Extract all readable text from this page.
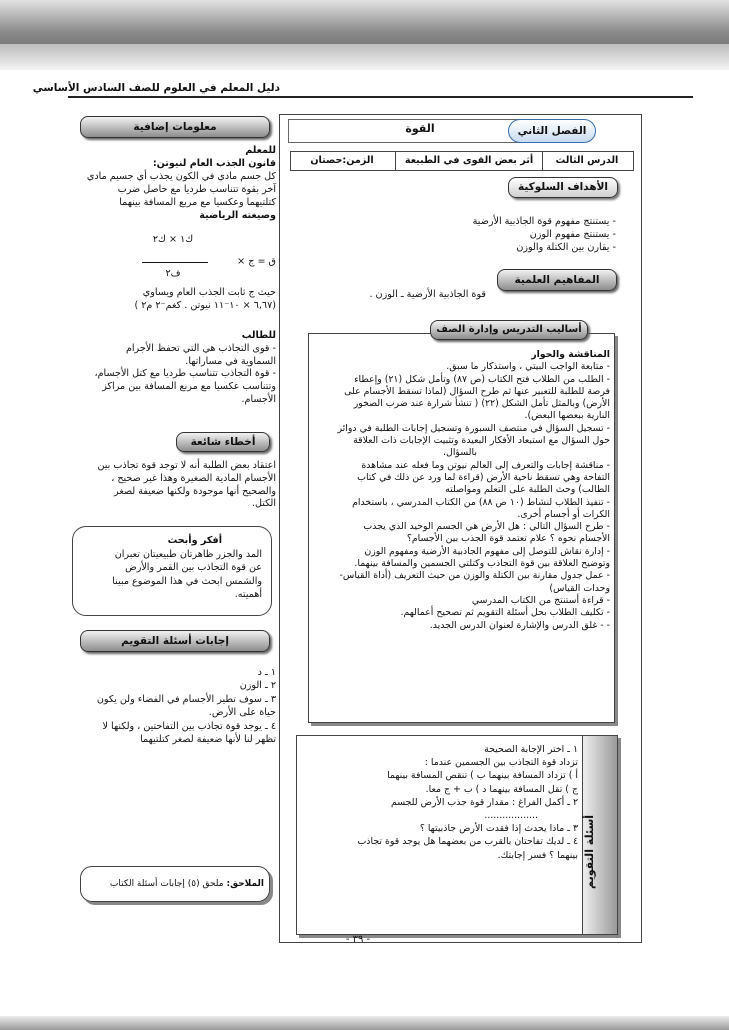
دليل المعلم في العلوم للصف السادس الأساسي
القوة	الفصل الثاني
الدرس الثالث
أثر بعض القوى في الطبيعة
الزمن:حصتان
الأهداف السلوكية

- يستنتج مفهوم قوة الجاذبية الأرضية

- يستنتج مفهوم الوزن

- يقارن بين الكتلة والوزن

المفاهيم العلمية
قوة الجاذبية الأرضية ـ الوزن .
أساليب التدريس وإدارة الصف

المناقشة والحوار

- متابعة الواجب البيتي ، واستذكار ما سبق.

- الطلب من الطلاب فتح الكتاب (ص ٨٧) وتأمل شكل (٢١) وإعطاء

فرصة للطلبة للتعبير عنها ثم طرح السؤال (لماذا تسقط الأجسام على

الأرض) وبالمثل تأمل الشكل (٢٢) ( تنشأ شرارة عند ضرب الصخور

النارية ببعضها البعض).

- تسجيل السؤال في منتصف السبورة وتسجيل إجابات الطلبة في دوائر

حول السؤال مع استبعاد الأفكار البعيدة وتثبيت الإجابات ذات العلاقة

بالسؤال.

- مناقشة إجابات والتعرف إلى العالم نيوتن وما فعله عند مشاهدة

التفاحة وهي تسقط ناحية الأرض (قراءة لما ورد عن ذلك في كتاب

الطالب) وحث الطلبة على التعلم ومواصلته

- تنفيذ الطلاب لنشاط (١٠ ص ٨٨) من الكتاب المدرسي ، باستخدام

الكرات أو أجسام أخرى.

- طرح السؤال التالي : هل الأرض هي الجسم الوحيد الذي يجذب

الأجسام نحوه ؟ علام تعتمد قوة الجذب بين الأجسام؟

- إدارة نقاش للتوصل إلى مفهوم الجاذبية الأرضية ومفهوم الوزن

وتوضيح العلاقة بين قوة التجاذب وكتلتي الجسمين والمسافة بينهما.

- عمل جدول مقارنة بين الكتلة والوزن من حيث التعريف (أداة القياس-

وحدات القياس)

- قراءة أستنتج من الكتاب المدرسي

- تكليف الطلاب بحل أسئلة التقويم ثم تصحيح أعمالهم.

- - غلق الدرس والإشارة لعنوان الدرس الجديد.

أسئلة التقويم

١ ـ اختر الإجابة الصحيحة

تزداد قوة التجاذب بين الجسمين عندما :

أ ) تزداد المسافة بينهما ب ) تنقص المسافة بينهما

ج ) تقل المسافة بينهما د ) ب + ج معا.

٢ ـ أكمل الفراغ : مقدار قوة جذب الأرض للجسم

..................

٣ ـ ماذا يحدث إذا فقدت الأرض جاذبيتها ؟

٤ ـ لديك تفاحتان بالقرب من بعضهما هل يوجد قوة تجاذب

بينهما ؟ فسر إجابتك.

معلومات إضافية

للمعلم

قانون الجذب العام لنيوتن:

كل جسم مادي في الكون يجذب أي جسيم مادي

آخر بقوة تتناسب طرديا مع حاصل ضرب

كتلتيهما وعكسيا مع مربع المسافة بينهما

وصيغته الرياضية

ك١ × ك٢
ق = ج ×
ف٢

حيث ج ثابت الجذب العام ويساوي

(٦,٦٧ × ١٠⁻١١ نيوتن . كغم⁻٢ م٢ )

للطالب

- قوى التجاذب هي التي تحفظ الأجرام

السماوية في مساراتها.

- قوة التجاذب تتناسب طرديا مع كتل الأجسام،

وتتناسب عكسيا مع مربع المسافة بين مراكز

الأجسام.

أخطاء شائعة

اعتقاد بعض الطلبة أنه لا توجد قوة تجاذب بين

الأجسام المادية الصغيرة وهذا غير صحيح ،

والصحيح أنها موجودة ولكنها ضعيفة لصغر

الكتل.

أفكر وأبحث

المد والجزر ظاهرتان طبيعيتان تعبران

عن قوة التجاذب بين القمر والأرض

والشمس ابحث في هذا الموضوع مبينا

أهميته.

إجابات أسئلة التقويم

١ ـ د

٢ ـ الوزن

٣ ـ سوف تطير الأجسام في الفضاء ولن يكون

حياة على الأرض.

٤ ـ يوجد قوة تجاذب بين التفاحتين ، ولكنها لا

تظهر لنا لأنها ضعيفة لصغر كتلتيهما

الملاحق: ملحق (٥) إجابات أسئلة الكتاب
- ٣٩ -
